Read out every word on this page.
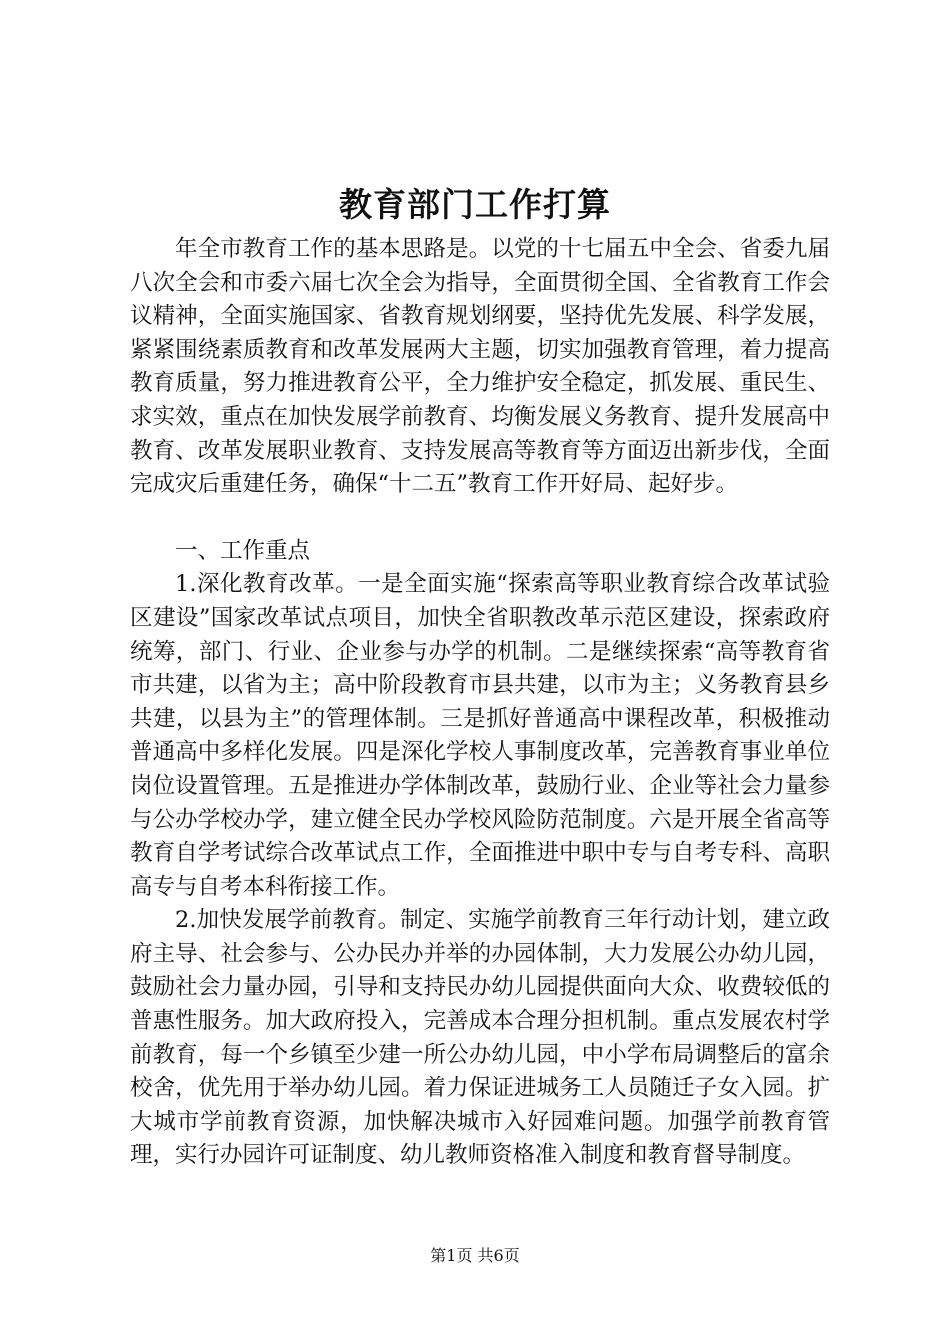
教育部门工作打算

年全市教育工作的基本思路是。以党的十七届五中全会、省委九届八次全会和市委六届七次全会为指导，全面贯彻全国、全省教育工作会议精神，全面实施国家、省教育规划纲要，坚持优先发展、科学发展，紧紧围绕素质教育和改革发展两大主题，切实加强教育管理，着力提高教育质量，努力推进教育公平，全力维护安全稳定，抓发展、重民生、求实效，重点在加快发展学前教育、均衡发展义务教育、提升发展高中教育、改革发展职业教育、支持发展高等教育等方面迈出新步伐，全面完成灾后重建任务，确保“十二五”教育工作开好局、起好步。

一、工作重点

1.深化教育改革。一是全面实施“探索高等职业教育综合改革试验区建设”国家改革试点项目，加快全省职教改革示范区建设，探索政府统筹，部门、行业、企业参与办学的机制。二是继续探索“高等教育省市共建，以省为主；高中阶段教育市县共建，以市为主；义务教育县乡共建，以县为主”的管理体制。三是抓好普通高中课程改革，积极推动普通高中多样化发展。四是深化学校人事制度改革，完善教育事业单位岗位设置管理。五是推进办学体制改革，鼓励行业、企业等社会力量参与公办学校办学，建立健全民办学校风险防范制度。六是开展全省高等教育自学考试综合改革试点工作，全面推进中职中专与自考专科、高职高专与自考本科衔接工作。

2.加快发展学前教育。制定、实施学前教育三年行动计划，建立政府主导、社会参与、公办民办并举的办园体制，大力发展公办幼儿园，鼓励社会力量办园，引导和支持民办幼儿园提供面向大众、收费较低的普惠性服务。加大政府投入，完善成本合理分担机制。重点发展农村学前教育，每一个乡镇至少建一所公办幼儿园，中小学布局调整后的富余校舍，优先用于举办幼儿园。着力保证进城务工人员随迁子女入园。扩大城市学前教育资源，加快解决城市入好园难问题。加强学前教育管理，实行办园许可证制度、幼儿教师资格准入制度和教育督导制度。

第1页 共6页
